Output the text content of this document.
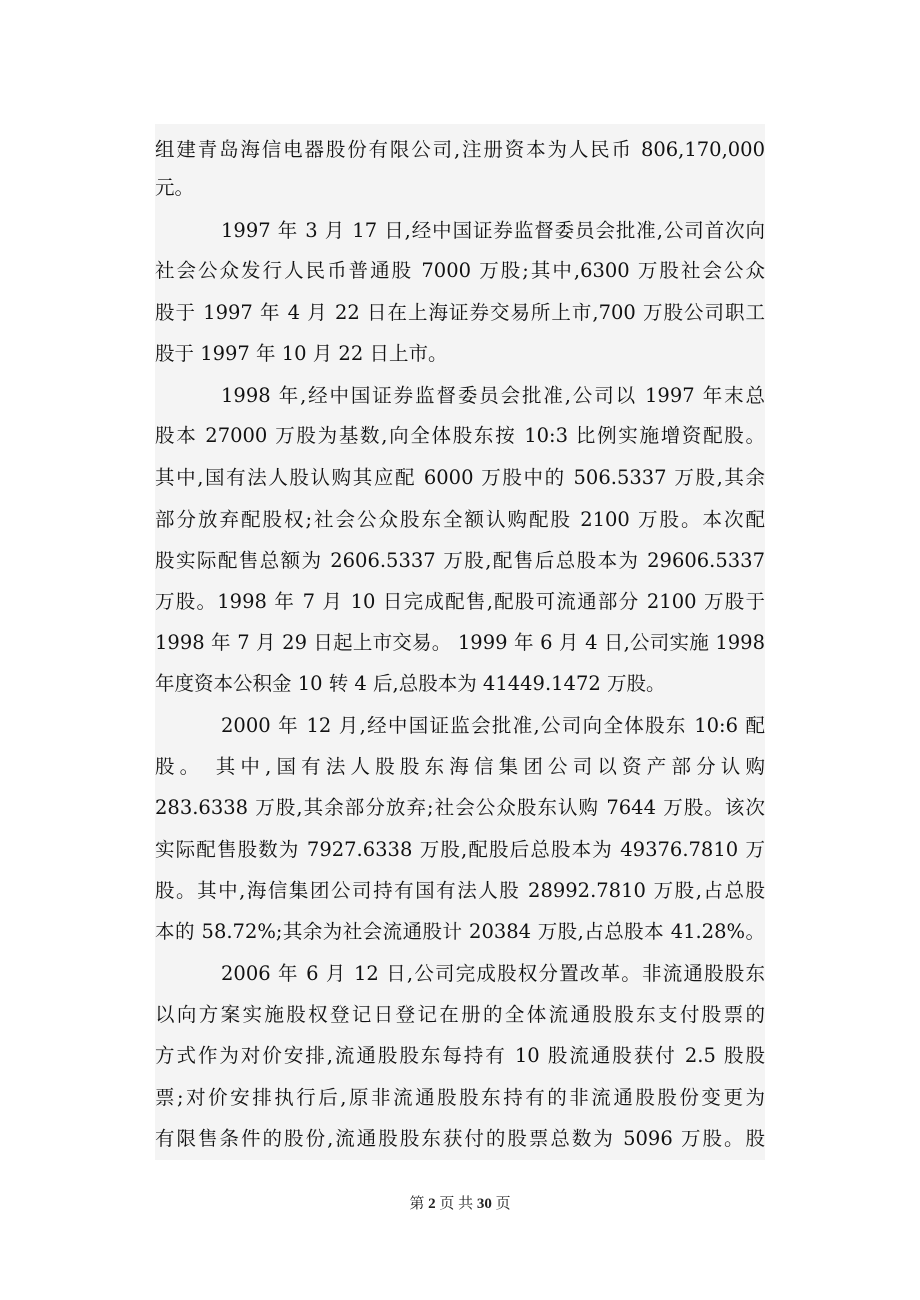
组建青岛海信电器股份有限公司,注册资本为人民币 806,170,000
元。
1997 年 3 月 17 日,经中国证券监督委员会批准,公司首次向
社会公众发行人民币普通股 7000 万股;其中,6300 万股社会公众
股于 1997 年 4 月 22 日在上海证券交易所上市,700 万股公司职工
股于 1997 年 10 月 22 日上市。
1998 年,经中国证券监督委员会批准,公司以 1997 年末总
股本 27000 万股为基数,向全体股东按 10:3 比例实施增资配股。
其中,国有法人股认购其应配 6000 万股中的 506.5337 万股,其余
部分放弃配股权;社会公众股东全额认购配股 2100 万股。本次配
股实际配售总额为 2606.5337 万股,配售后总股本为 29606.5337
万股。1998 年 7 月 10 日完成配售,配股可流通部分 2100 万股于
1998 年 7 月 29 日起上市交易。 1999 年 6 月 4 日,公司实施 1998
年度资本公积金 10 转 4 后,总股本为 41449.1472 万股。
2000 年 12 月,经中国证监会批准,公司向全体股东 10:6 配
股。 其中,国有法人股股东海信集团公司以资产部分认购
283.6338 万股,其余部分放弃;社会公众股东认购 7644 万股。该次
实际配售股数为 7927.6338 万股,配股后总股本为 49376.7810 万
股。其中,海信集团公司持有国有法人股 28992.7810 万股,占总股
本的 58.72%;其余为社会流通股计 20384 万股,占总股本 41.28%。
2006 年 6 月 12 日,公司完成股权分置改革。非流通股股东
以向方案实施股权登记日登记在册的全体流通股股东支付股票的
方式作为对价安排,流通股股东每持有 10 股流通股获付 2.5 股股
票;对价安排执行后,原非流通股股东持有的非流通股股份变更为
有限售条件的股份,流通股股东获付的股票总数为 5096 万股。股
第 2 页 共 30 页
